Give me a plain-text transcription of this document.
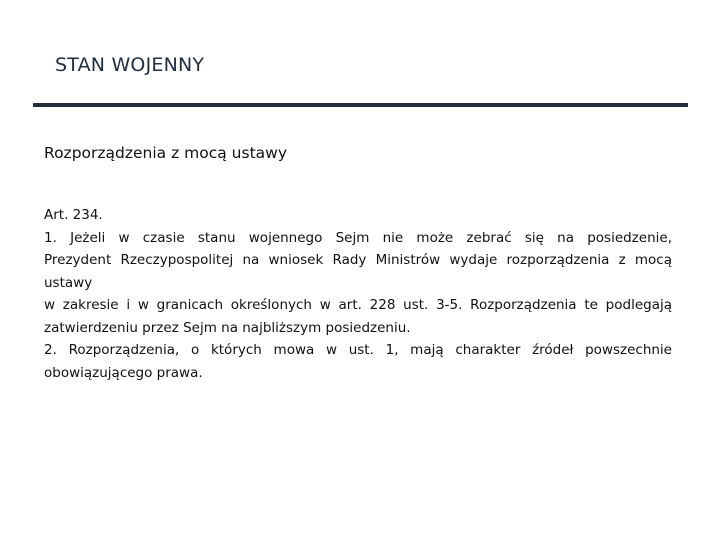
STAN WOJENNY
Rozporządzenia z mocą ustawy
Art. 234.
1. Jeżeli w czasie stanu wojennego Sejm nie może zebrać się na posiedzenie,
Prezydent Rzeczypospolitej na wniosek Rady Ministrów wydaje rozporządzenia z mocą
ustawy
w zakresie i w granicach określonych w art. 228 ust. 3-5. Rozporządzenia te podlegają
zatwierdzeniu przez Sejm na najbliższym posiedzeniu.
2. Rozporządzenia, o których mowa w ust. 1, mają charakter źródeł powszechnie
obowiązującego prawa.
